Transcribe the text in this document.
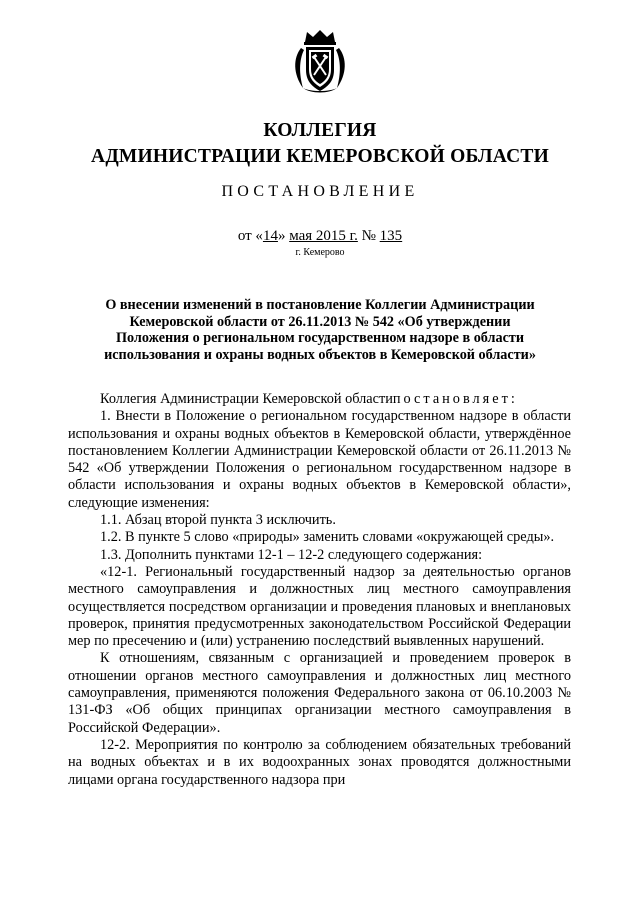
КОЛЛЕГИЯ
АДМИНИСТРАЦИИ КЕМЕРОВСКОЙ ОБЛАСТИ
ПОСТАНОВЛЕНИЕ
от «14» мая 2015 г. № 135
г. Кемерово
О внесении изменений в постановление Коллегии Администрации Кемеровской области от 26.11.2013 № 542 «Об утверждении Положения о региональном государственном надзоре в области использования и охраны водных объектов в Кемеровской области»

Коллегия Администрации Кемеровской областипостановляет:

1. Внести в Положение о региональном государственном надзоре в области использования и охраны водных объектов в Кемеровской области, утверждённое постановлением Коллегии Администрации Кемеровской области от 26.11.2013 № 542 «Об утверждении Положения о региональном государственном надзоре в области использования и охраны водных объектов в Кемеровской области», следующие изменения:

1.1. Абзац второй пункта 3 исключить.

1.2. В пункте 5 слово «природы» заменить словами «окружающей среды».

1.3. Дополнить пунктами 12-1 – 12-2 следующего содержания:

«12-1. Региональный государственный надзор за деятельностью органов местного самоуправления и должностных лиц местного самоуправления осуществляется посредством организации и проведения плановых и внеплановых проверок, принятия предусмотренных законодательством Российской Федерации мер по пресечению и (или) устранению последствий выявленных нарушений.

К отношениям, связанным с организацией и проведением проверок в отношении органов местного самоуправления и должностных лиц местного самоуправления, применяются положения Федерального закона от 06.10.2003 № 131-ФЗ «Об общих принципах организации местного самоуправления в Российской Федерации».

12-2. Мероприятия по контролю за соблюдением обязательных требований на водных объектах и в их водоохранных зонах проводятся должностными лицами органа государственного надзора при
